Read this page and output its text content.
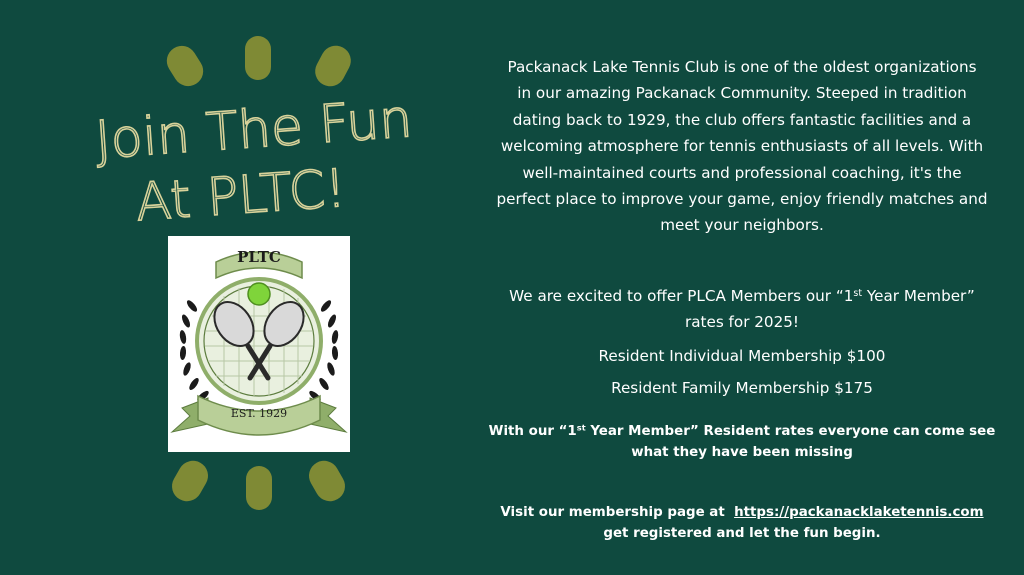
Join The Fun
At PLTC!
PLTC
EST. 1929
Packanack Lake Tennis Club is one of the oldest organizations
in our amazing Packanack Community. Steeped in tradition
dating back to 1929, the club offers fantastic facilities and a
welcoming atmosphere for tennis enthusiasts of all levels. With
well-maintained courts and professional coaching, it's the
perfect place to improve your game, enjoy friendly matches and
meet your neighbors.
We are excited to offer PLCA Members our “1st Year Member”
rates for 2025!
Resident Individual Membership $100
Resident Family Membership $175
With our “1st Year Member” Resident rates everyone can come see
what they have been missing
Visit our membership page at  https://packanacklaketennis.com
get registered and let the fun begin.
